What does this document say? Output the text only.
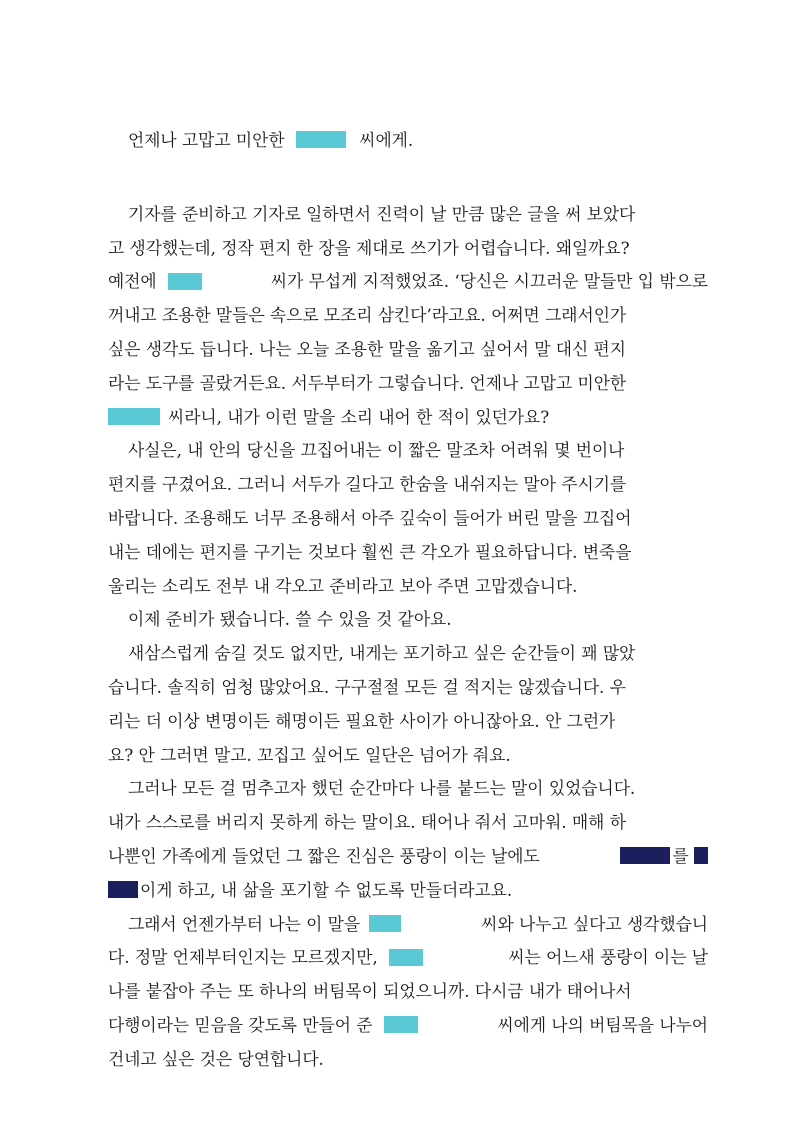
언제나 고맙고 미안한	씨에게.
기자를 준비하고 기자로 일하면서 진력이 날 만큼 많은 글을 써 보았다
고 생각했는데, 정작 편지 한 장을 제대로 쓰기가 어렵습니다. 왜일까요?
예전에	씨가 무섭게 지적했었죠. ‘당신은 시끄러운 말들만 입 밖으로
꺼내고 조용한 말들은 속으로 모조리 삼킨다’라고요. 어쩌면 그래서인가
싶은 생각도 듭니다. 나는 오늘 조용한 말을 옮기고 싶어서 말 대신 편지
라는 도구를 골랐거든요. 서두부터가 그렇습니다. 언제나 고맙고 미안한
씨라니, 내가 이런 말을 소리 내어 한 적이 있던가요?
사실은, 내 안의 당신을 끄집어내는 이 짧은 말조차 어려워 몇 번이나
편지를 구겼어요. 그러니 서두가 길다고 한숨을 내쉬지는 말아 주시기를
바랍니다. 조용해도 너무 조용해서 아주 깊숙이 들어가 버린 말을 끄집어
내는 데에는 편지를 구기는 것보다 훨씬 큰 각오가 필요하답니다. 변죽을
울리는 소리도 전부 내 각오고 준비라고 보아 주면 고맙겠습니다.
이제 준비가 됐습니다. 쓸 수 있을 것 같아요.
새삼스럽게 숨길 것도 없지만, 내게는 포기하고 싶은 순간들이 꽤 많았
습니다. 솔직히 엄청 많았어요. 구구절절 모든 걸 적지는 않겠습니다. 우
리는 더 이상 변명이든 해명이든 필요한 사이가 아니잖아요. 안 그런가
요? 안 그러면 말고. 꼬집고 싶어도 일단은 넘어가 줘요.
그러나 모든 걸 멈추고자 했던 순간마다 나를 붙드는 말이 있었습니다.
내가 스스로를 버리지 못하게 하는 말이요. 태어나 줘서 고마워. 매해 하
나뿐인 가족에게 들었던 그 짧은 진심은 풍랑이 이는 날에도	를
이게 하고, 내 삶을 포기할 수 없도록 만들더라고요.
그래서 언젠가부터 나는 이 말을	씨와 나누고 싶다고 생각했습니
다. 정말 언제부터인지는 모르겠지만,	씨는 어느새 풍랑이 이는 날
나를 붙잡아 주는 또 하나의 버팀목이 되었으니까. 다시금 내가 태어나서
다행이라는 믿음을 갖도록 만들어 준	씨에게 나의 버팀목을 나누어
건네고 싶은 것은 당연합니다.
